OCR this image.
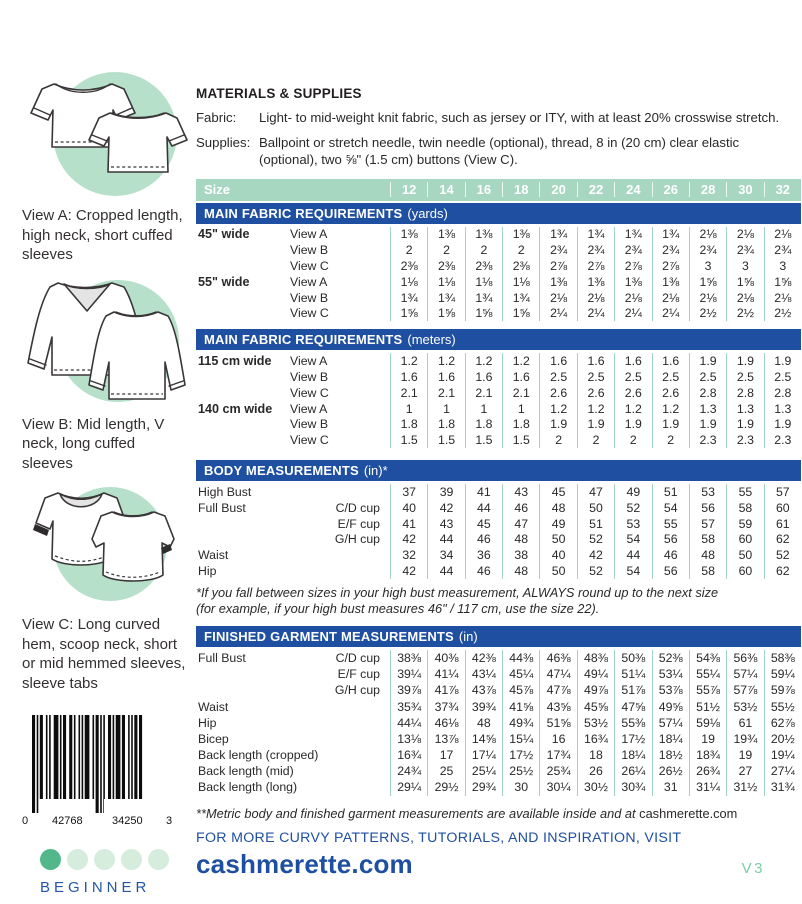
View A: Cropped length, high neck, short cuffed sleeves
View B: Mid length, V neck, long cuffed sleeves
View C: Long curved hem, scoop neck, short or mid hemmed sleeves, sleeve tabs
0 42768	34250 3
BEGINNER
MATERIALS & SUPPLIES
Fabric:	Light- to mid-weight knit fabric, such as jersey or ITY, with at least 20% crosswise stretch.
Supplies: Ballpoint or stretch needle, twin needle (optional), thread, 8 in (20 cm) clear elastic (optional), two ⅝" (1.5 cm) buttons (View C).
Size	12	14	16	18	20	22	24	26	28	30	32
MAIN FABRIC REQUIREMENTS (yards)
45" wide	View A	1⅜	1⅜	1⅜	1⅜	1¾	1¾	1¾	1¾	2⅛	2⅛	2⅛
View B	2	2	2	2	2¾	2¾	2¾	2¾	2¾	2¾	2¾
View C	2⅜	2⅜	2⅜	2⅜	2⅞	2⅞	2⅞	2⅞	3	3	3
55" wide	View A	1⅛	1⅛	1⅛	1⅛	1⅜	1⅜	1⅜	1⅜	1⅝	1⅝	1⅝
View B	1¾	1¾	1¾	1¾	2⅛	2⅛	2⅛	2⅛	2⅛	2⅛	2⅛
View C	1⅝	1⅝	1⅝	1⅝	2¼	2¼	2¼	2¼	2½	2½	2½
MAIN FABRIC REQUIREMENTS (meters)
115 cm wide	View A	1.2	1.2	1.2	1.2	1.6	1.6	1.6	1.6	1.9	1.9	1.9
View B	1.6	1.6	1.6	1.6	2.5	2.5	2.5	2.5	2.5	2.5	2.5
View C	2.1	2.1	2.1	2.1	2.6	2.6	2.6	2.6	2.8	2.8	2.8
140 cm wide	View A	1	1	1	1	1.2	1.2	1.2	1.2	1.3	1.3	1.3
View B	1.8	1.8	1.8	1.8	1.9	1.9	1.9	1.9	1.9	1.9	1.9
View C	1.5	1.5	1.5	1.5	2	2	2	2	2.3	2.3	2.3
BODY MEASUREMENTS (in)*
High Bust	37	39	41	43	45	47	49	51	53	55	57
Full Bust	C/D cup	40	42	44	46	48	50	52	54	56	58	60
E/F cup	41	43	45	47	49	51	53	55	57	59	61
G/H cup	42	44	46	48	50	52	54	56	58	60	62
Waist	32	34	36	38	40	42	44	46	48	50	52
Hip	42	44	46	48	50	52	54	56	58	60	62
*If you fall between sizes in your high bust measurement, ALWAYS round up to the next size
(for example, if your high bust measures 46" / 117 cm, use the size 22).
FINISHED GARMENT MEASUREMENTS (in)
Full Bust	C/D cup	38⅜	40⅜	42⅜	44⅜	46⅜	48⅜	50⅜	52⅜	54⅜	56⅜	58⅜
E/F cup	39¼	41¼	43¼	45¼	47¼	49¼	51¼	53¼	55¼	57¼	59¼
G/H cup	39⅞	41⅞	43⅞	45⅞	47⅞	49⅞	51⅞	53⅞	55⅞	57⅞	59⅞
Waist	35¾	37¾	39¾	41⅝	43⅝	45⅝	47⅝	49⅝	51½	53½	55½
Hip	44¼	46⅛	48	49¾	51⅝	53½	55⅜	57¼	59⅛	61	62⅞
Bicep	13⅛	13⅞	14⅝	15¼	16	16¾	17½	18¼	19	19¾	20½
Back length (cropped)	16¾	17	17¼	17½	17¾	18	18¼	18½	18¾	19	19¼
Back length (mid)	24¾	25	25¼	25½	25¾	26	26¼	26½	26¾	27	27¼
Back length (long)	29¼	29½	29¾	30	30¼	30½	30¾	31	31¼	31½	31¾
**Metric body and finished garment measurements are available inside and at cashmerette.com
FOR MORE CURVY PATTERNS, TUTORIALS, AND INSPIRATION, VISIT
cashmerette.com	V3
